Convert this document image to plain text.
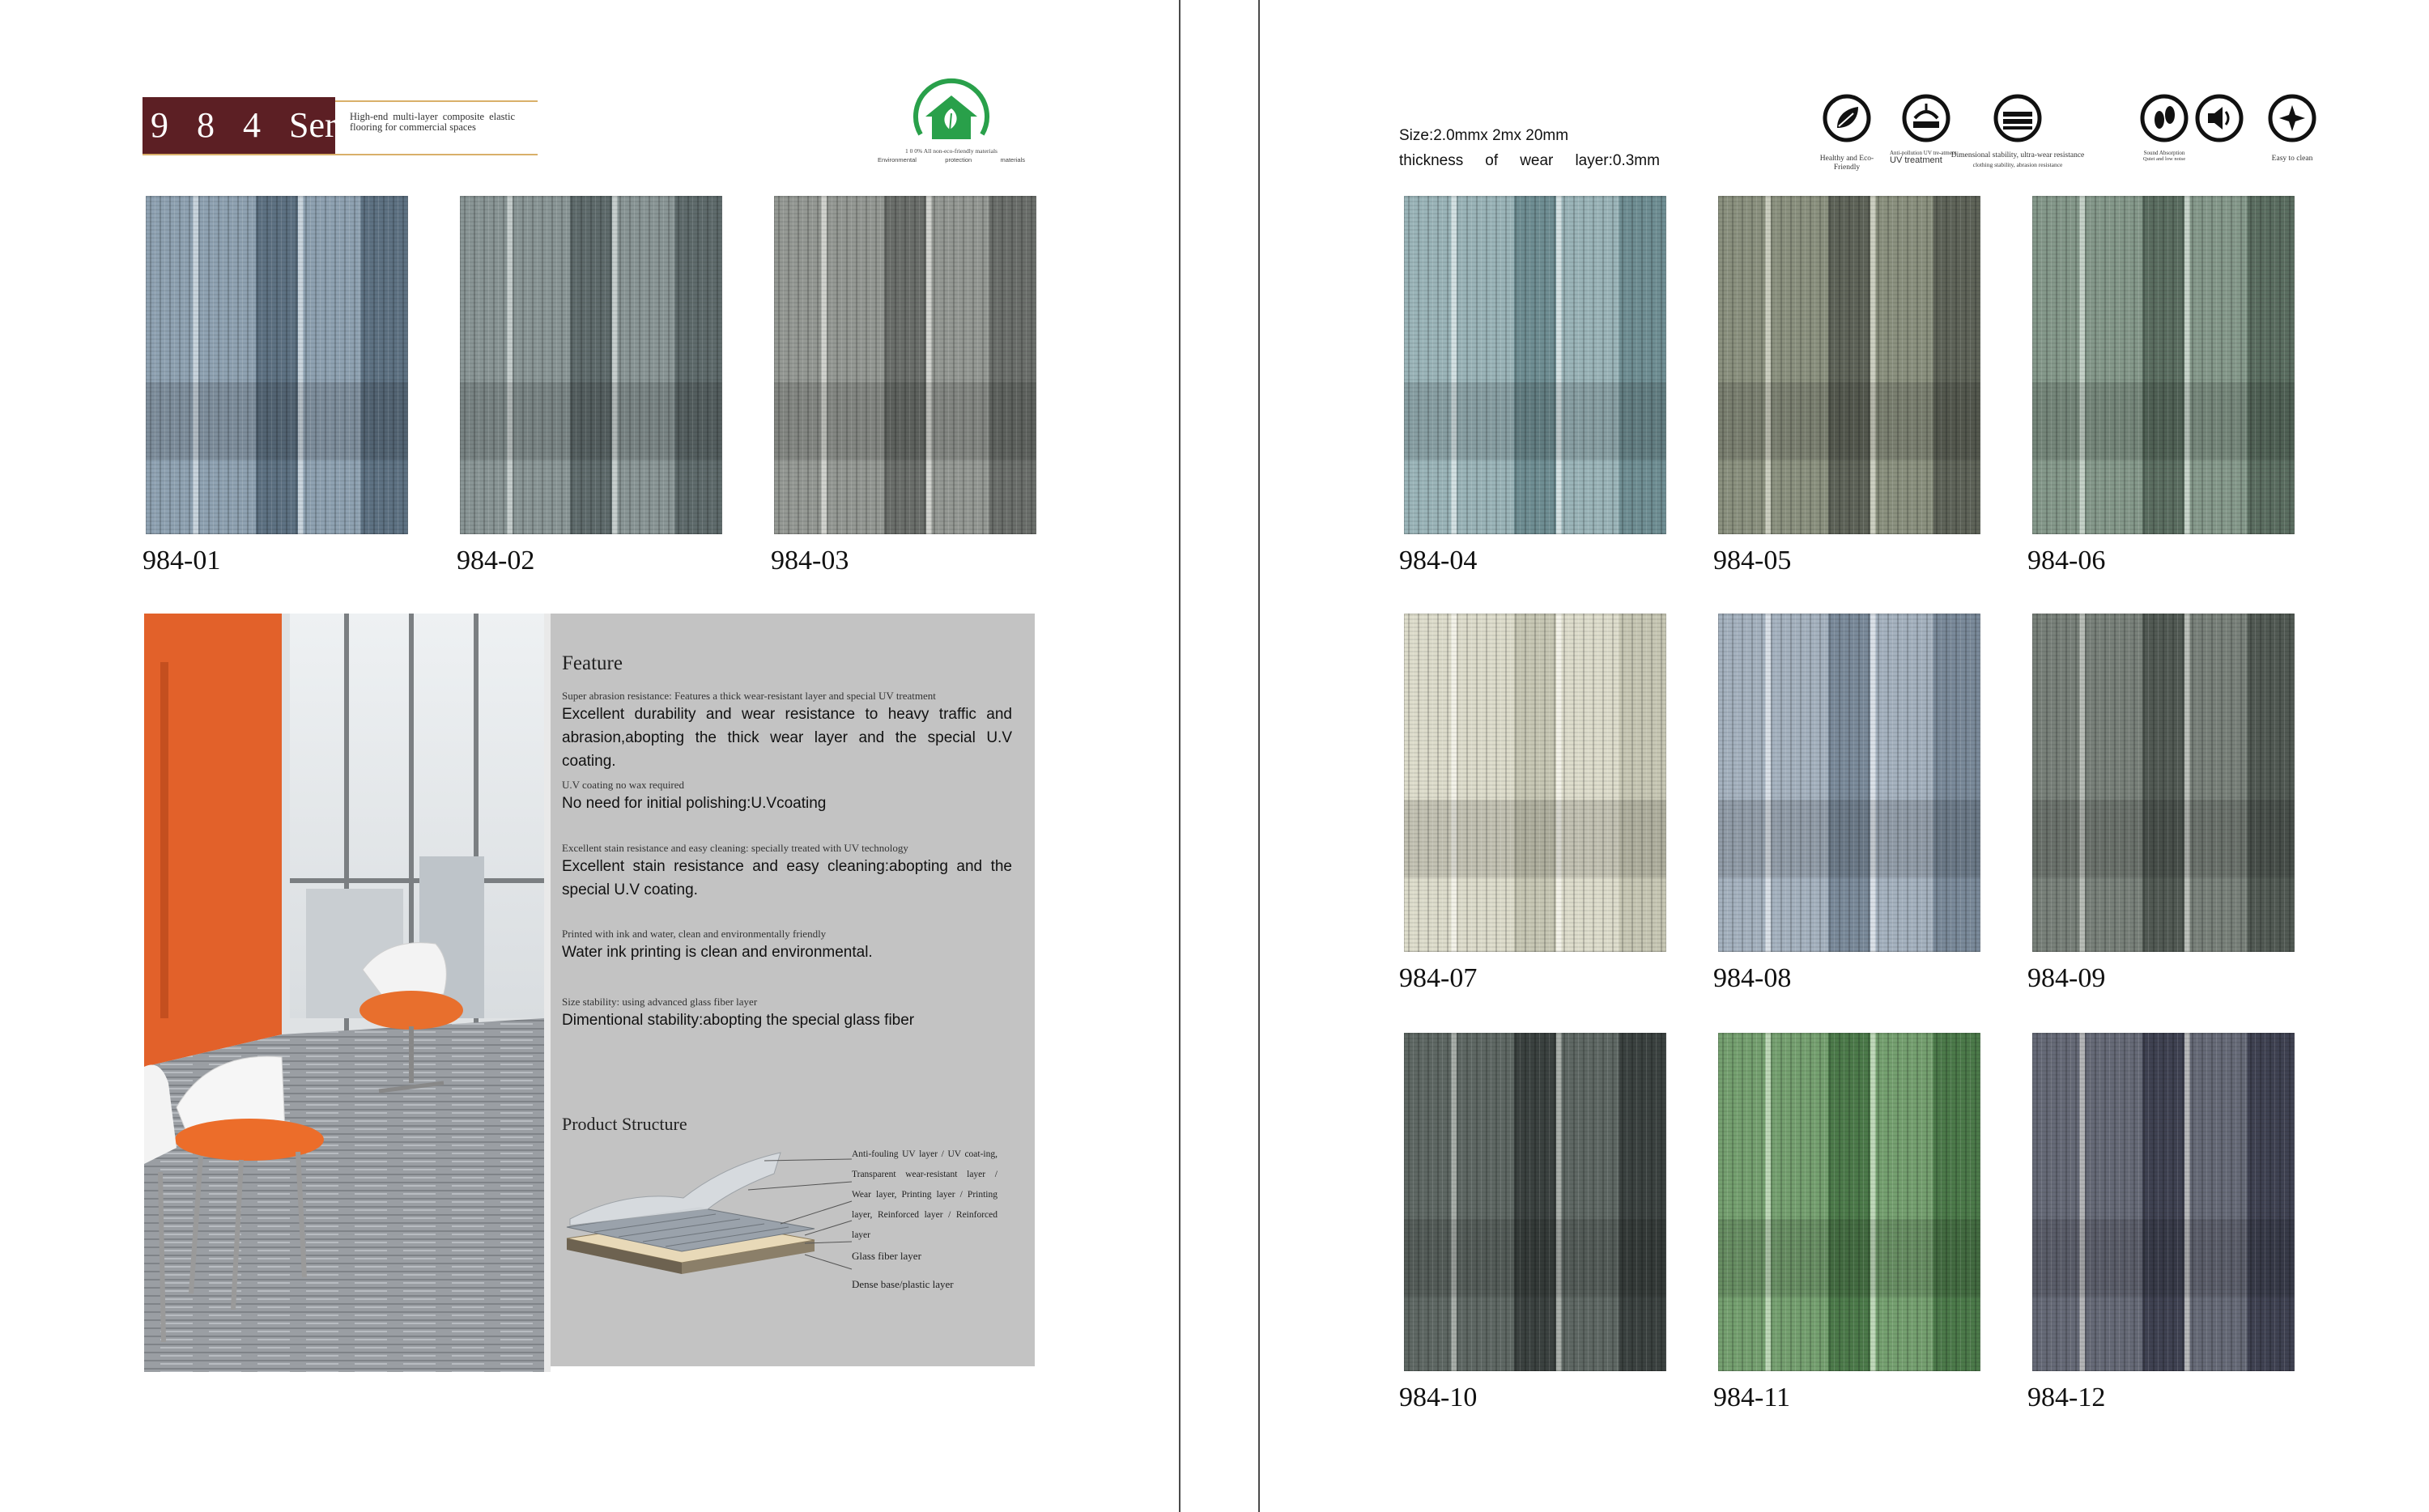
9 8 4 Series
High-end multi-layer composite elastic flooring for commercial spaces
1 0 0% All non-eco-friendly materials
Environmental	protection	materials
Size:2.0mmx 2mx 20mm
thickness of wear layer:0.3mm	Healthy and Eco-Friendly
Anti-pollution UV tre-atment
UV treatment	Dimensional stability, ultra-wear resistance
clothing stability, abrasion resistance
Sound Absorption
Quiet and low noise	Easy to clean
984-01	984-02	984-03	984-04	984-05	984-06
984-07	984-08	984-09
984-10	984-11	984-12
Feature
Super abrasion resistance: Features a thick wear-resistant layer and special UV treatment
Excellent durability and wear resistance to heavy traffic and abrasion,abopting the thick wear layer and the special U.V coating.
U.V coating no wax required
No need for initial polishing:U.Vcoating
Excellent stain resistance and easy cleaning: specially treated with UV technology
Excellent stain resistance and easy cleaning:abopting and the special U.V coating.
Printed with ink and water, clean and environmentally friendly
Water ink printing is clean and environmental.
Size stability: using advanced glass fiber layer
Dimentional stability:abopting the special glass fiber
Product Structure
Anti-fouling UV layer / UV coat-ing, Transparent wear-resistant layer / Wear layer, Printing layer / Printing layer, Reinforced layer / Reinforced layer
Glass fiber layer
Dense base/plastic layer
